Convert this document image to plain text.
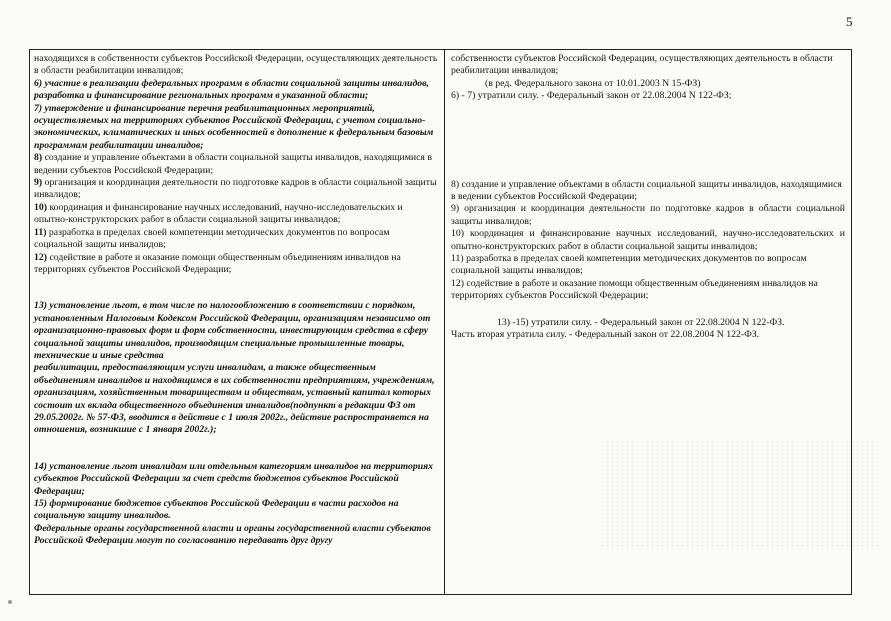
5
находящихся в собственности субъектов Российской Федерации, осуществляющих деятельность в области реабилитации инвалидов;
6) участие в реализации федеральных программ в области социальной защиты инвалидов, разработка и финансирование региональных программ в указанной области;
7) утверждение и финансирование перечня реабилитационных мероприятий, осуществляемых на территориях субъектов Российской Федерации, с учетом социально-экономических, климатических и иных особенностей в дополнение к федеральным базовым программам реабилитации инвалидов;
8) создание и управление объектами в области социальной защиты инвалидов, находящимися в ведении субъектов Российской Федерации;
9) организация и координация деятельности по подготовке кадров в области социальной защиты инвалидов;
10) координация и финансирование научных исследований, научно-исследовательских и опытно-конструкторских работ в области социальной защиты инвалидов;
11) разработка в пределах своей компетенции методических документов по вопросам социальной защиты инвалидов;
12) содействие в работе и оказание помощи общественным объединениям инвалидов на территориях субъектов Российской Федерации;
13) установление льгот, в том числе по налогообложению в соответствии с порядком, установленным Налоговым Кодексом Российской Федерации, организациям независимо от организационно-правовых форм и форм собственности, инвестирующим средства в сферу социальной защиты инвалидов, производящим специальные промышленные товары, технические и иные средства
реабилитации, предоставляющим услуги инвалидам, а также общественным объединениям инвалидов и находящимся в их собственности предприятиям, учреждениям, организациям, хозяйственным товариществам и обществам, уставный капитал которых состоит их вклада общественного объединения инвалидов(подпункт в редакции ФЗ от 29.05.2002г. № 57-ФЗ, вводится в действие с 1 июля 2002г., действие распространяется на отношения, возникшие с 1 января 2002г.);
14) установление льгот инвалидам или отдельным категориям инвалидов на территориях субъектов Российской Федерации за счет средств бюджетов субъектов Российской Федерации;
15) формирование бюджетов субъектов Российской Федерации в части расходов на социальную защиту инвалидов.
Федеральные органы государственной власти и органы государственной власти субъектов Российской Федерации могут по согласованию передавать друг другу
собственности субъектов Российской Федерации, осуществляющих деятельность в области реабилитации инвалидов;
(в ред. Федерального закона от 10.01.2003 N 15-ФЗ)
6) - 7) утратили силу. - Федеральный закон от 22.08.2004 N 122-ФЗ;
8) создание и управление объектами в области социальной защиты инвалидов, находящимися в ведении субъектов Российской Федерации;
9) организация и координация деятельности по подготовке кадров в области социальной защиты инвалидов;
10) координация и финансирование научных исследований, научно-исследовательских и опытно-конструкторских работ в области социальной защиты инвалидов;
11) разработка в пределах своей компетенции методических документов по вопросам социальной защиты инвалидов;
12) содействие в работе и оказание помощи общественным объединениям инвалидов на территориях субъектов Российской Федерации;
13) -15) утратили силу. - Федеральный закон от 22.08.2004 N 122-ФЗ.
Часть вторая утратила силу. - Федеральный закон от 22.08.2004 N 122-ФЗ.
